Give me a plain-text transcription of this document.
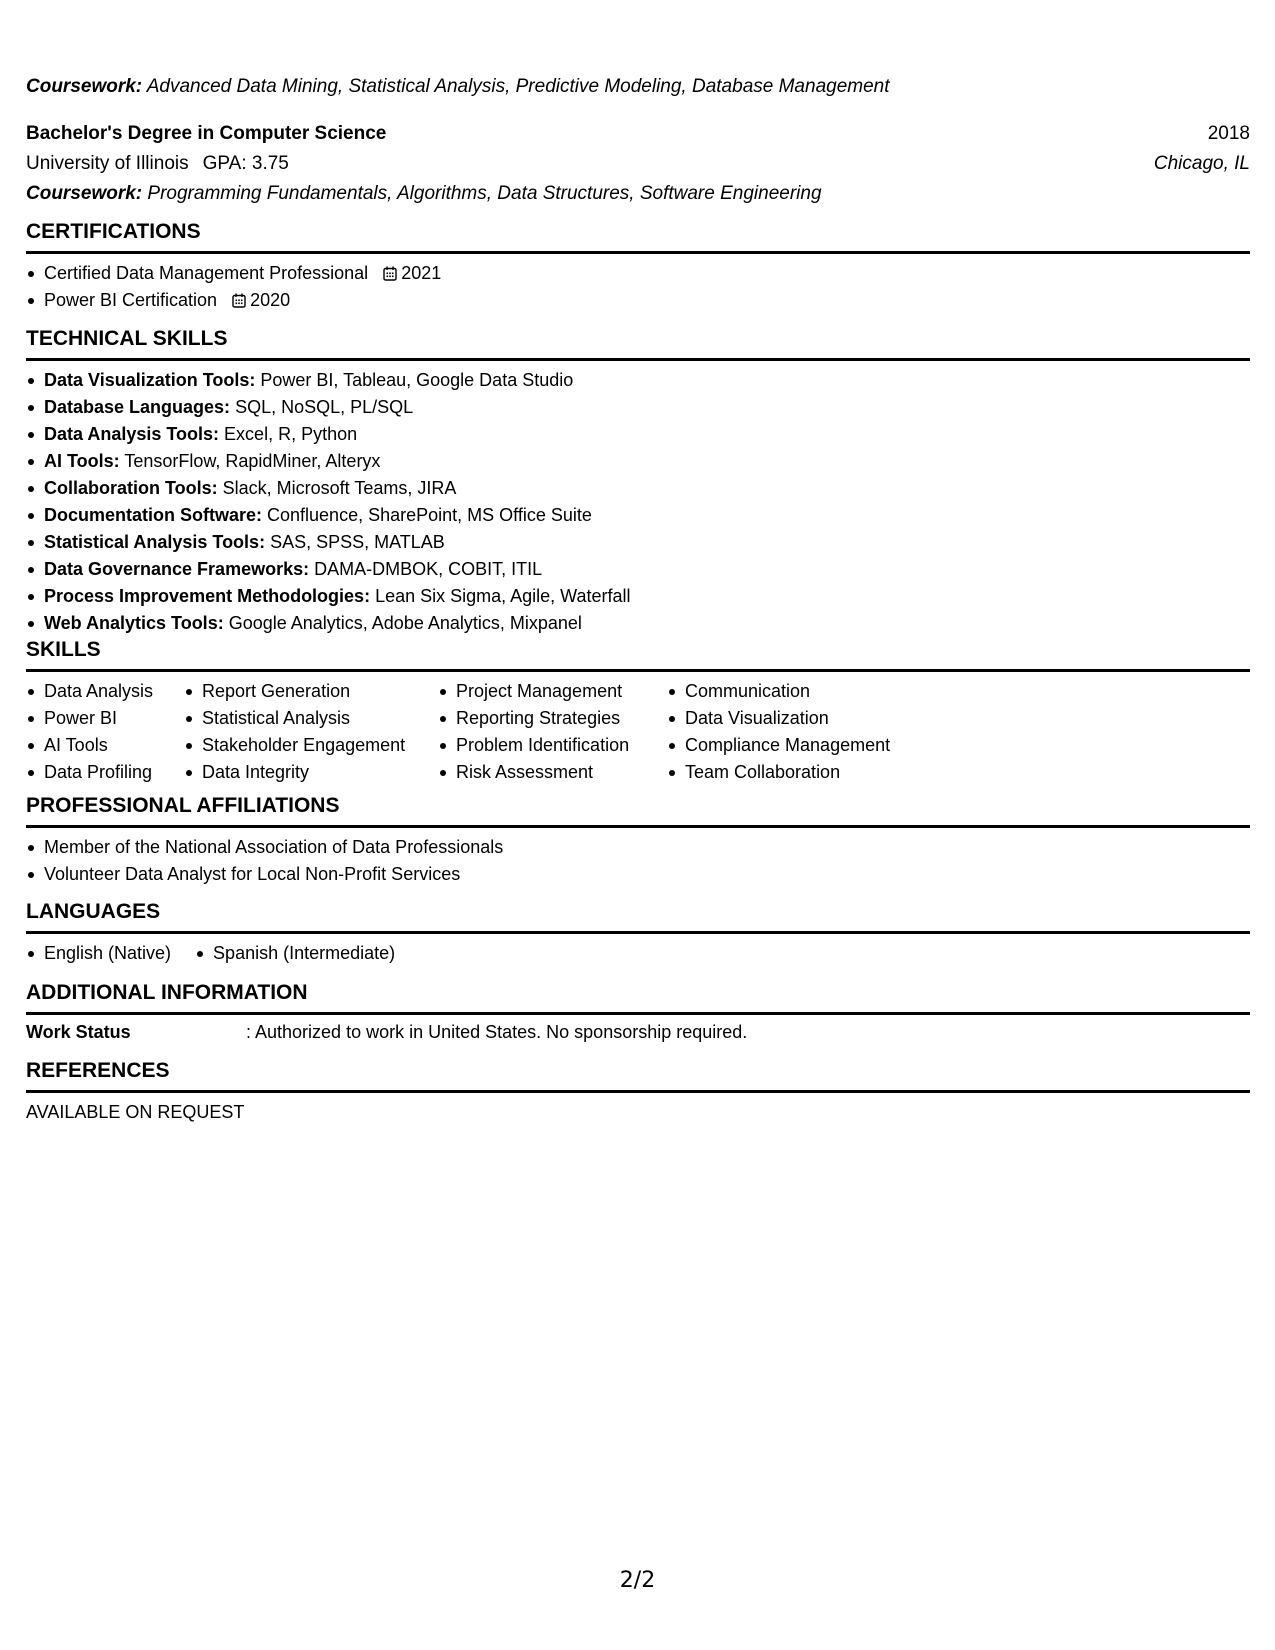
Coursework: Advanced Data Mining, Statistical Analysis, Predictive Modeling, Database Management
Bachelor's Degree in Computer Science	2018
University of Illinois GPA: 3.75	Chicago, IL
Coursework: Programming Fundamentals, Algorithms, Data Structures, Software Engineering
CERTIFICATIONS
Certified Data Management Professional 2021
Power BI Certification 2020
TECHNICAL SKILLS
Data Visualization Tools: Power BI, Tableau, Google Data Studio
Database Languages: SQL, NoSQL, PL/SQL
Data Analysis Tools: Excel, R, Python
AI Tools: TensorFlow, RapidMiner, Alteryx
Collaboration Tools: Slack, Microsoft Teams, JIRA
Documentation Software: Confluence, SharePoint, MS Office Suite
Statistical Analysis Tools: SAS, SPSS, MATLAB
Data Governance Frameworks: DAMA-DMBOK, COBIT, ITIL
Process Improvement Methodologies: Lean Six Sigma, Agile, Waterfall
Web Analytics Tools: Google Analytics, Adobe Analytics, Mixpanel
SKILLS
Data Analysis
Power BI
AI Tools
Data Profiling
Report Generation
Statistical Analysis
Stakeholder Engagement
Data Integrity
Project Management
Reporting Strategies
Problem Identification
Risk Assessment
Communication
Data Visualization
Compliance Management
Team Collaboration
PROFESSIONAL AFFILIATIONS
Member of the National Association of Data Professionals
Volunteer Data Analyst for Local Non-Profit Services
LANGUAGES
English (Native)	Spanish (Intermediate)
ADDITIONAL INFORMATION
Work Status	: Authorized to work in United States. No sponsorship required.
REFERENCES
AVAILABLE ON REQUEST
2/2
